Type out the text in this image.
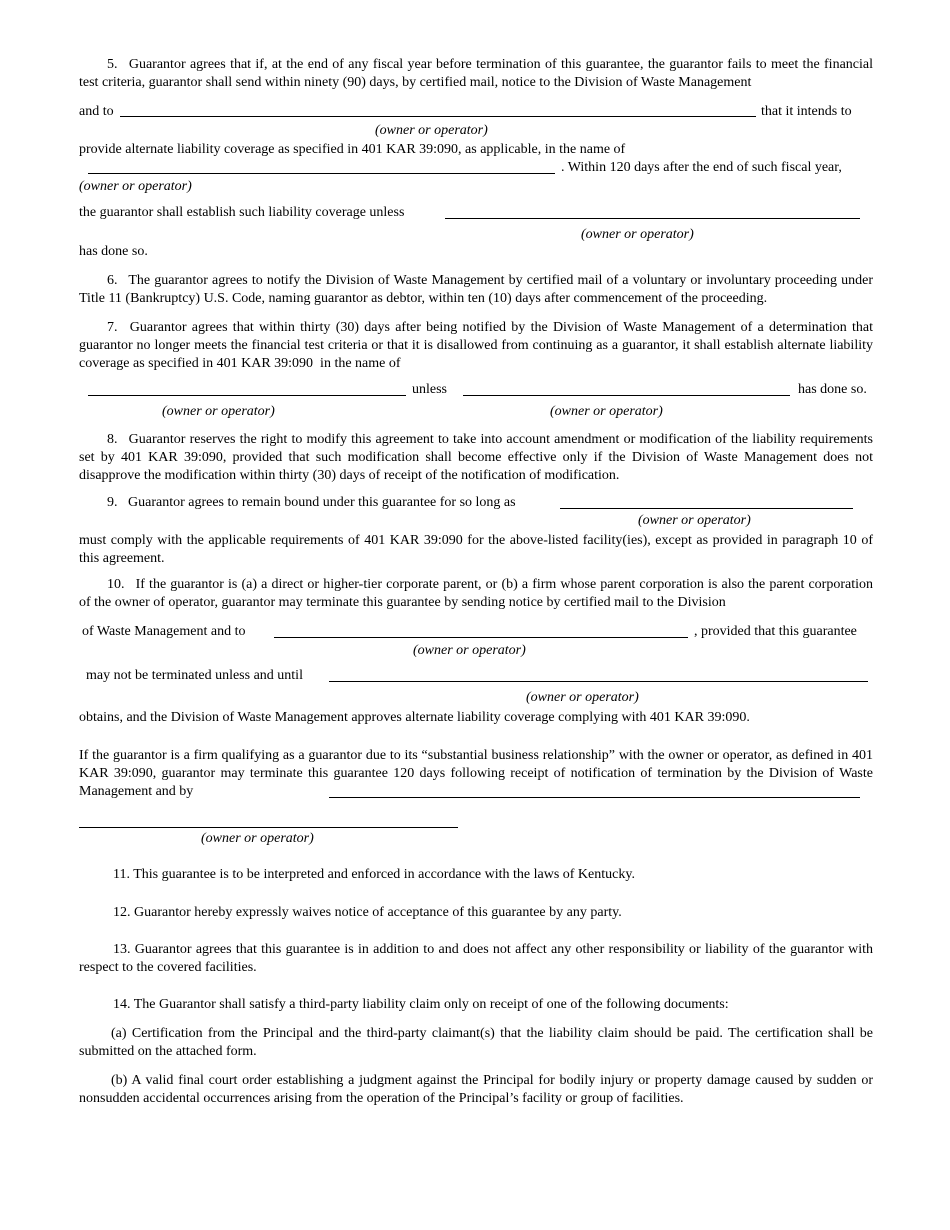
5.  Guarantor agrees that if, at the end of any fiscal year before termination of this guarantee, the guarantor fails to meet the financial test criteria, guarantor shall send within ninety (90) days, by certified mail, notice to the Division of Waste Management
and to	that it intends to
(owner or operator)
provide alternate liability coverage as specified in 401 KAR 39:090, as applicable, in the name of
. Within 120 days after the end of such fiscal year,
(owner or operator)
the guarantor shall establish such liability coverage unless
(owner or operator)
has done so.
6.  The guarantor agrees to notify the Division of Waste Management by certified mail of a voluntary or involuntary proceeding under Title 11 (Bankruptcy) U.S. Code, naming guarantor as debtor, within ten (10) days after commencement of the proceeding.
7.  Guarantor agrees that within thirty (30) days after being notified by the Division of Waste Management of a determination that guarantor no longer meets the financial test criteria or that it is disallowed from continuing as a guarantor, it shall establish alternate liability coverage as specified in 401 KAR 39:090  in the name of
unless	has done so.
(owner or operator)	(owner or operator)
8.  Guarantor reserves the right to modify this agreement to take into account amendment or modification of the liability requirements set by 401 KAR 39:090, provided that such modification shall become effective only if the Division of Waste Management does not disapprove the modification within thirty (30) days of receipt of the notification of modification.
9.  Guarantor agrees to remain bound under this guarantee for so long as
(owner or operator)
must comply with the applicable requirements of 401 KAR 39:090 for the above-listed facility(ies), except as provided in paragraph 10 of this agreement.
10.  If the guarantor is (a) a direct or higher-tier corporate parent, or (b) a firm whose parent corporation is also the parent corporation of the owner of operator, guarantor may terminate this guarantee by sending notice by certified mail to the Division
of Waste Management and to	, provided that this guarantee
(owner or operator)
may not be terminated unless and until
(owner or operator)
obtains, and the Division of Waste Management approves alternate liability coverage complying with 401 KAR 39:090.
If the guarantor is a firm qualifying as a guarantor due to its “substantial business relationship” with the owner or operator, as defined in 401 KAR 39:090, guarantor may terminate this guarantee 120 days following receipt of notification of termination by the Division of Waste Management and by
(owner or operator)
11. This guarantee is to be interpreted and enforced in accordance with the laws of Kentucky.
12. Guarantor hereby expressly waives notice of acceptance of this guarantee by any party.
13. Guarantor agrees that this guarantee is in addition to and does not affect any other responsibility or liability of the guarantor with respect to the covered facilities.
14. The Guarantor shall satisfy a third-party liability claim only on receipt of one of the following documents:
(a) Certification from the Principal and the third-party claimant(s) that the liability claim should be paid. The certification shall be submitted on the attached form.
(b) A valid final court order establishing a judgment against the Principal for bodily injury or property damage caused by sudden or nonsudden accidental occurrences arising from the operation of the Principal’s facility or group of facilities.
